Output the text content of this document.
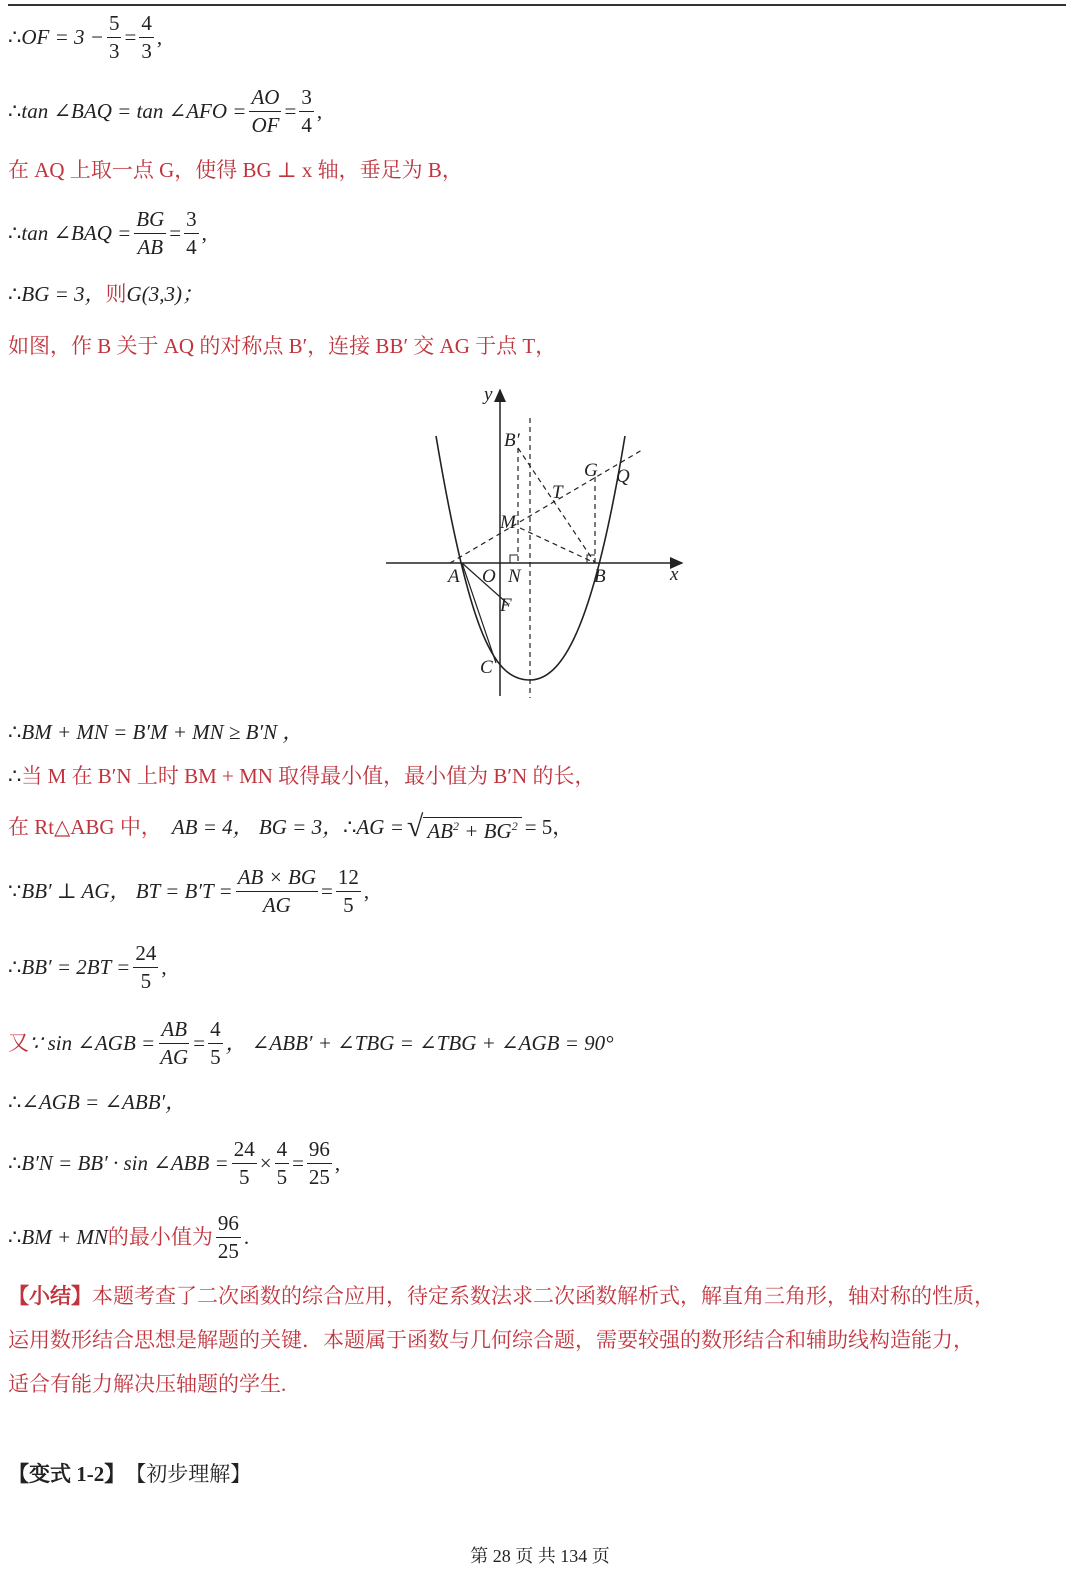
∴ OF = $3 - \frac{5}{3} = \frac{4}{3}$ ,
∴ tan ∠BAQ = tan ∠AFO = $\frac{AO}{OF} = \frac{3}{4}$ ,
在 AQ 上取一点 G，使得 BG ⊥ x 轴，垂足为 B，
∴ tan ∠BAQ = $\frac{BG}{AB} = \frac{3}{4}$ ,
∴ BG = 3， 则 G(3,3)；
如图，作 B 关于 AQ 的对称点 B′，连接 BB′ 交 AG 于点 T，
y
x
B′
G Q
T
M
A O N	B
F
C
∴ BM + MN = B′M + MN ≥ B′N ，
∴ 当 M 在 B′N 上时 BM + MN 取得最小值，最小值为 B′N 的长，
在 Rt△ABG 中， AB = 4， BG = 3， ∴ AG = √ $AB^2 + BG^2 = 5$，
∵ BB′ ⊥ AG， BT = $B'T = \frac{AB \times BG}{AG} = \frac{12}{5}$ ,
∴ $BB' = 2BT = \frac{24}{5}$ ,
又 ∵ sin ∠AGB = $\frac{AB}{AG} = \frac{4}{5}$ ， ∠ABB′ + ∠TBG = ∠TBG + ∠AGB = 90°
∴ ∠AGB = ∠ABB′，
∴ B′N = BB′ · sin ∠ABB = $\frac{24}{5} \times \frac{4}{5} = \frac{96}{25}$ ,
∴ BM + MN 的最小值为 $\frac{96}{25}$ .
【小结】 本题考查了二次函数的综合应用，待定系数法求二次函数解析式，解直角三角形，轴对称的性质，
运用数形结合思想是解题的关键．本题属于函数与几何综合题，需要较强的数形结合和辅助线构造能力，
适合有能力解决压轴题的学生.
【变式 1-2】 【初步理解】
第 28 页 共 134 页
